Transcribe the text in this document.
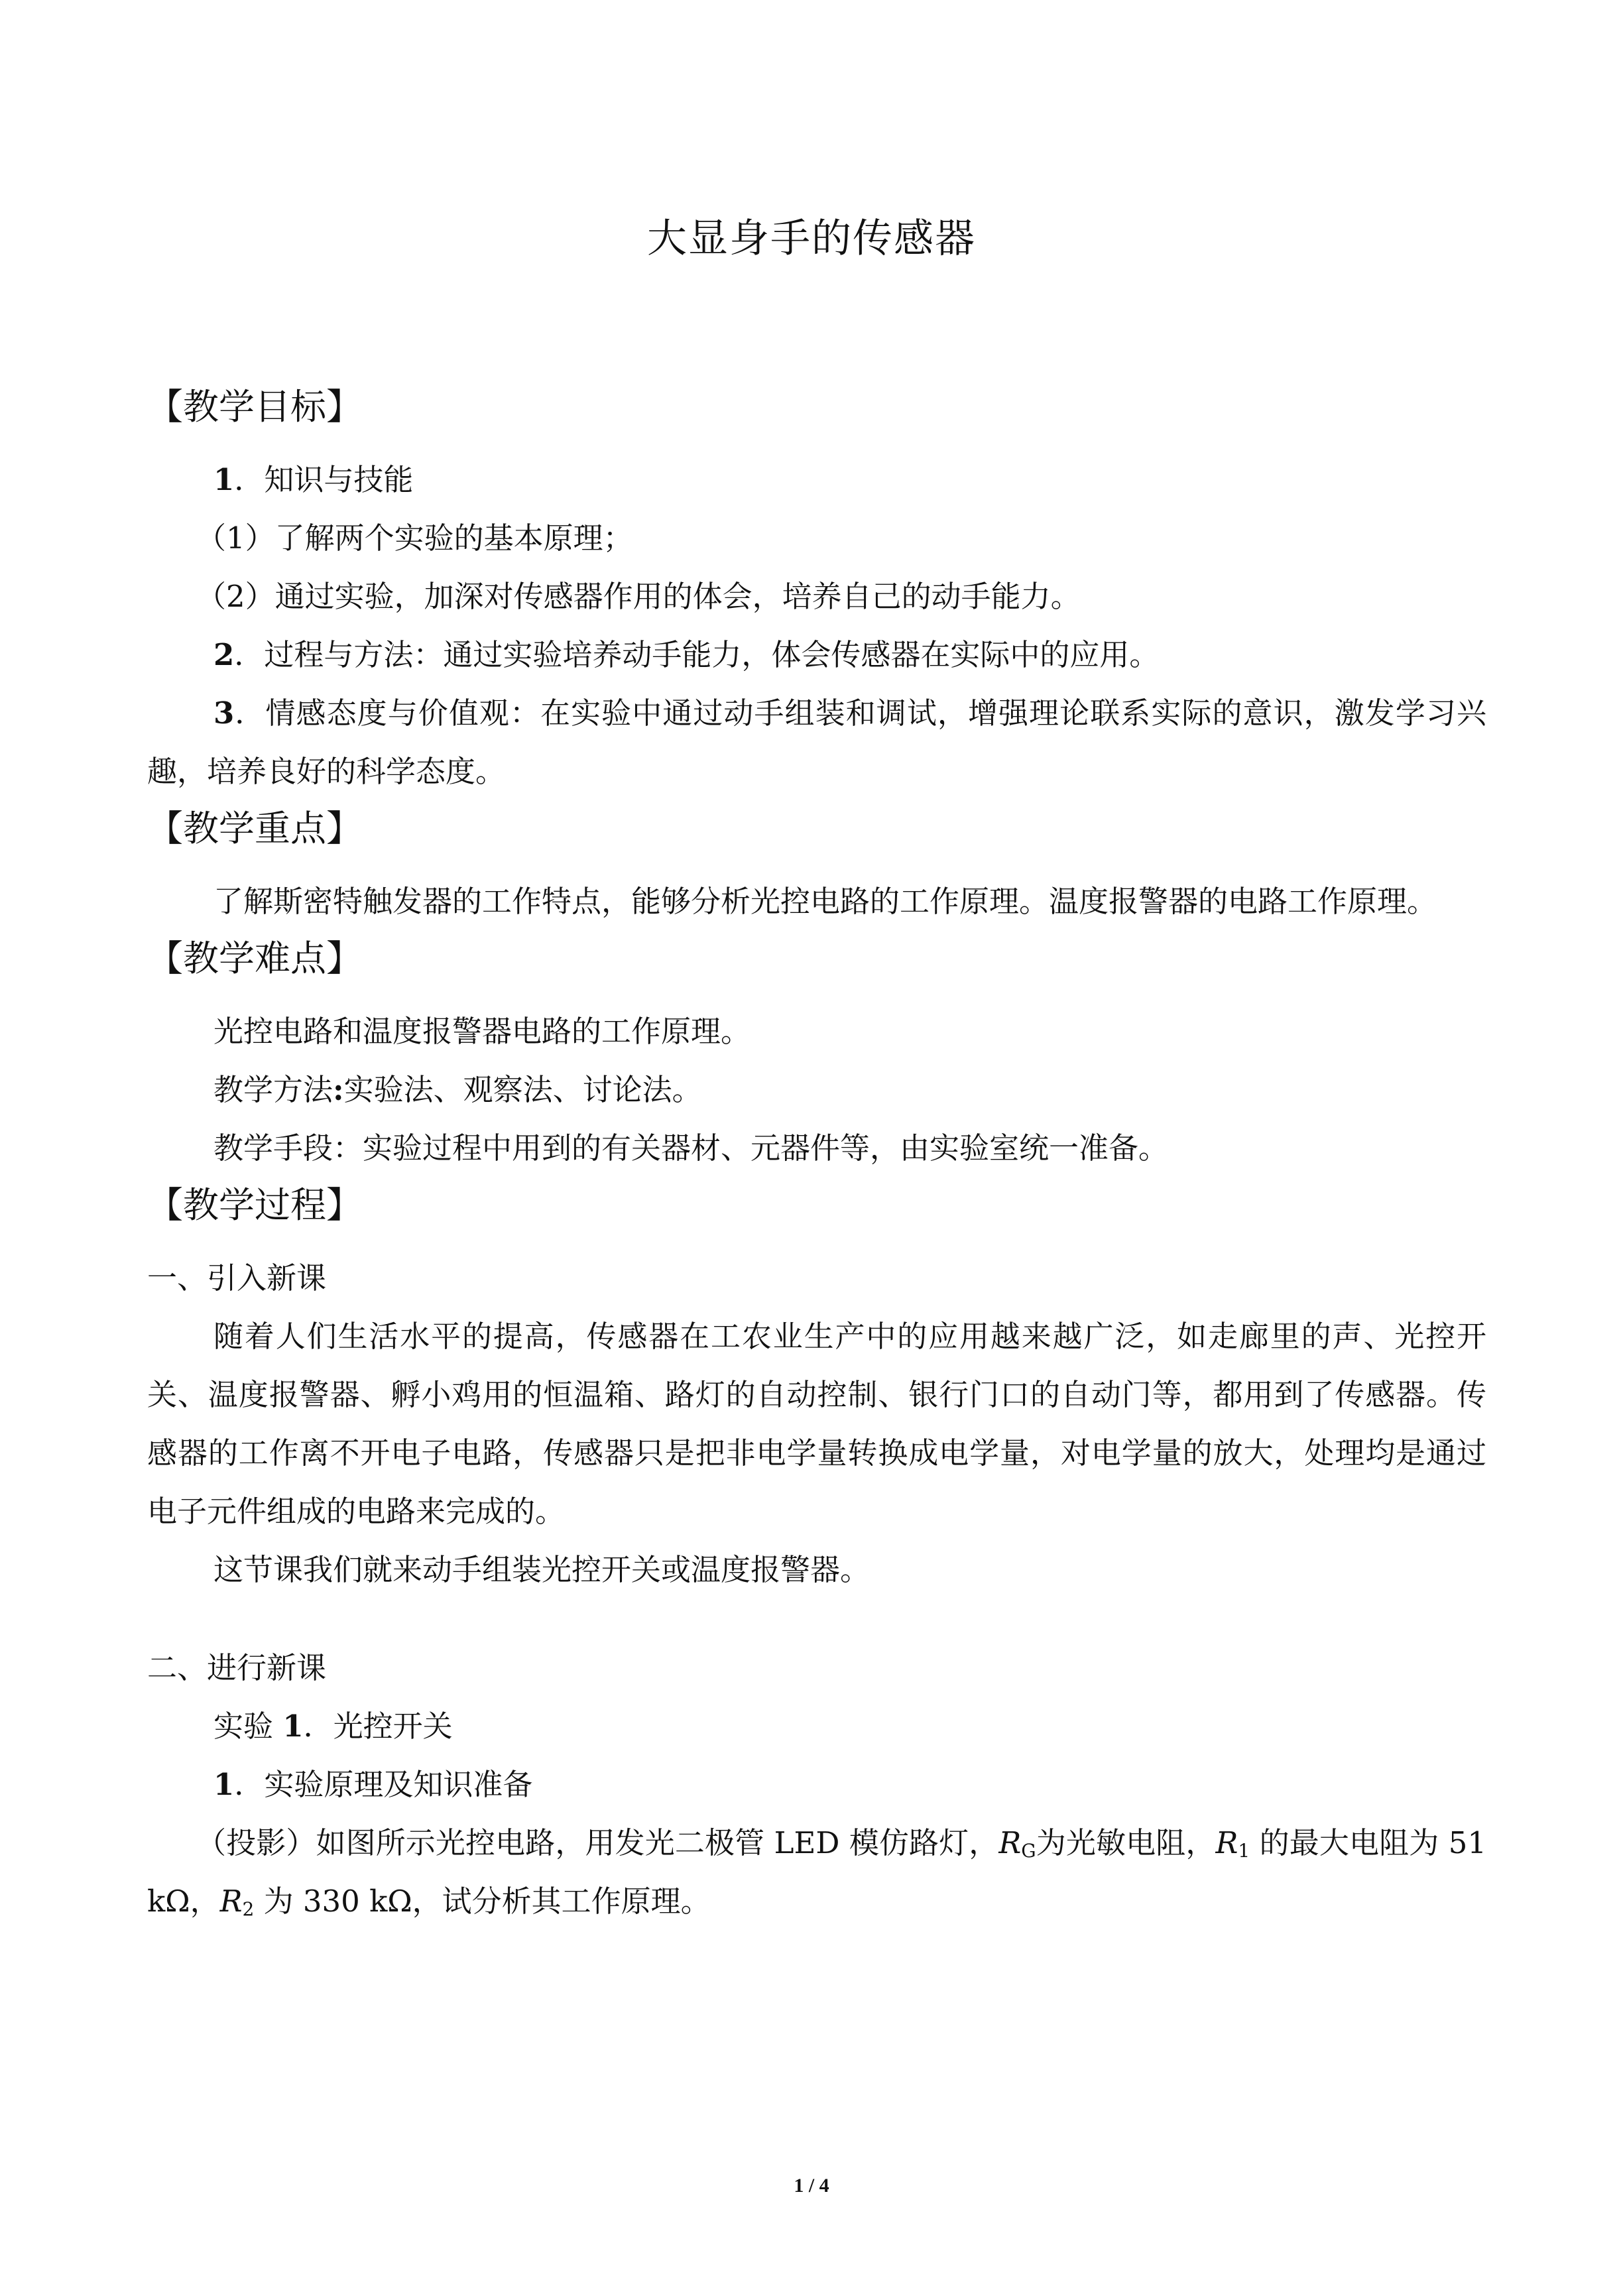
大显身手的传感器
【教学目标】

1．知识与技能

（1）了解两个实验的基本原理；

（2）通过实验，加深对传感器作用的体会，培养自己的动手能力。

2．过程与方法：通过实验培养动手能力，体会传感器在实际中的应用。

3．情感态度与价值观：在实验中通过动手组装和调试，增强理论联系实际的意识，激发学习兴趣，培养良好的科学态度。

【教学重点】

了解斯密特触发器的工作特点，能够分析光控电路的工作原理。温度报警器的电路工作原理。

【教学难点】

光控电路和温度报警器电路的工作原理。

教学方法:实验法、观察法、讨论法。

教学手段：实验过程中用到的有关器材、元器件等，由实验室统一准备。

【教学过程】

一、引入新课

随着人们生活水平的提高，传感器在工农业生产中的应用越来越广泛，如走廊里的声、光控开关、温度报警器、孵小鸡用的恒温箱、路灯的自动控制、银行门口的自动门等，都用到了传感器。传感器的工作离不开电子电路，传感器只是把非电学量转换成电学量，对电学量的放大，处理均是通过电子元件组成的电路来完成的。

这节课我们就来动手组装光控开关或温度报警器。

二、进行新课

实验 1．光控开关

1．实验原理及知识准备

（投影）如图所示光控电路，用发光二极管 LED 模仿路灯，$R_G$为光敏电阻，$R_1$ 的最大电阻为 51 kΩ，$R_2$ 为 330 kΩ，试分析其工作原理。

1 / 4
